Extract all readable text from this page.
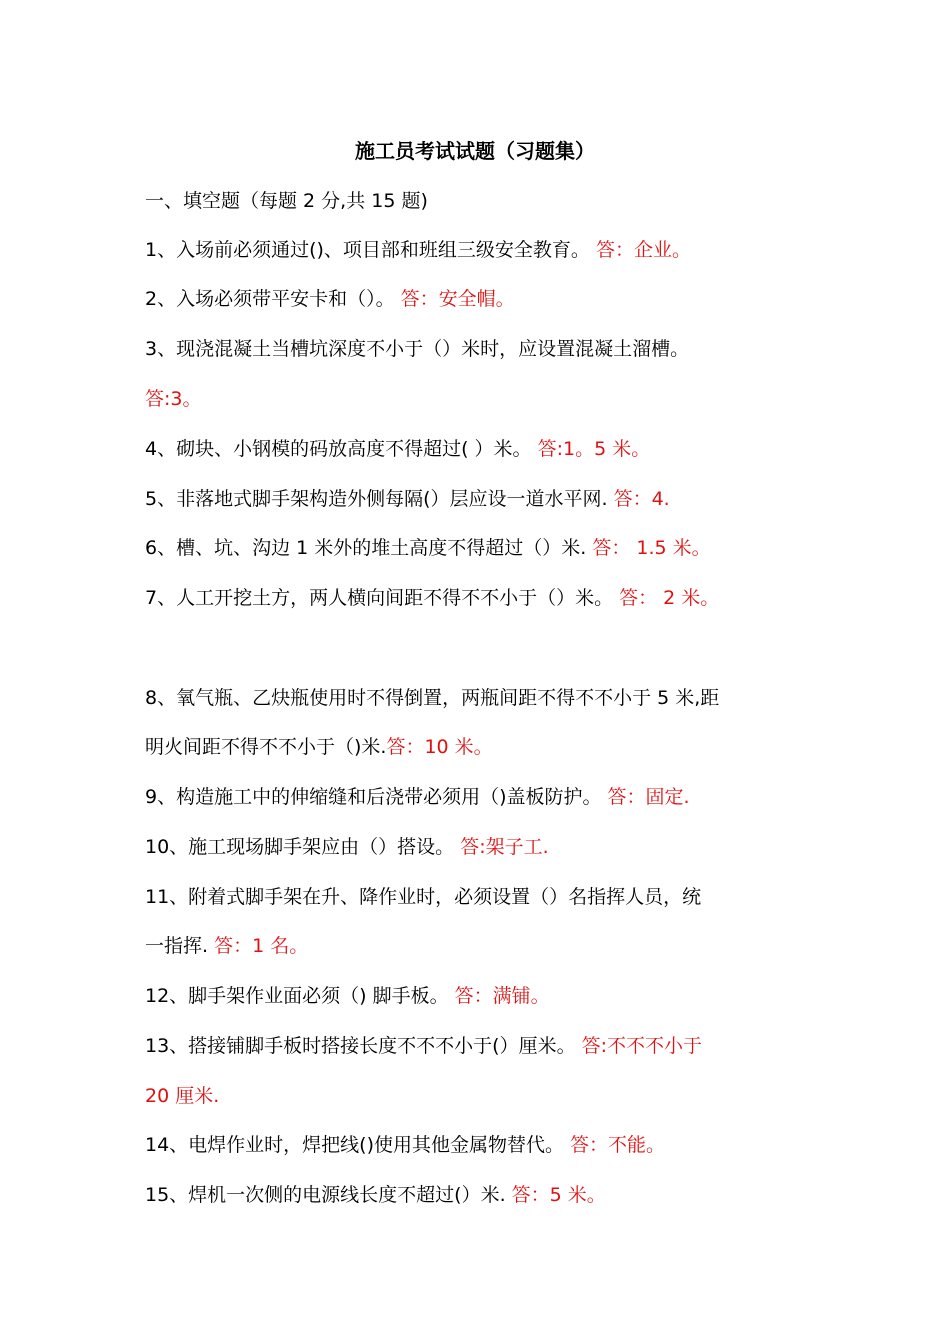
施工员考试试题（习题集）
一、填空题（每题 2 分,共 15 题)
1、入场前必须通过()、项目部和班组三级安全教育。 答：企业。
2、入场必须带平安卡和（）。 答：安全帽。
3、现浇混凝土当槽坑深度不小于（）米时，应设置混凝土溜槽。
答:3。
4、砌块、小钢模的码放高度不得超过( ）米。 答:1。5 米。
5、非落地式脚手架构造外侧每隔(）层应设一道水平网. 答：4.
6、槽、坑、沟边 1 米外的堆土高度不得超过（）米. 答： 1.5 米。
7、人工开挖土方，两人横向间距不得不不小于（）米。 答： 2 米。
8、氧气瓶、乙炔瓶使用时不得倒置，两瓶间距不得不不小于 5 米,距
明火间距不得不不小于（)米.答：10 米。
9、构造施工中的伸缩缝和后浇带必须用（)盖板防护。 答：固定.
10、施工现场脚手架应由（）搭设。 答:架子工.
11、附着式脚手架在升、降作业时，必须设置（）名指挥人员，统
一指挥. 答：1 名。
12、脚手架作业面必须（) 脚手板。 答：满铺。
13、搭接铺脚手板时搭接长度不不不小于(）厘米。 答:不不不小于
20 厘米.
14、电焊作业时，焊把线()使用其他金属物替代。 答：不能。
15、焊机一次侧的电源线长度不超过(）米. 答：5 米。
